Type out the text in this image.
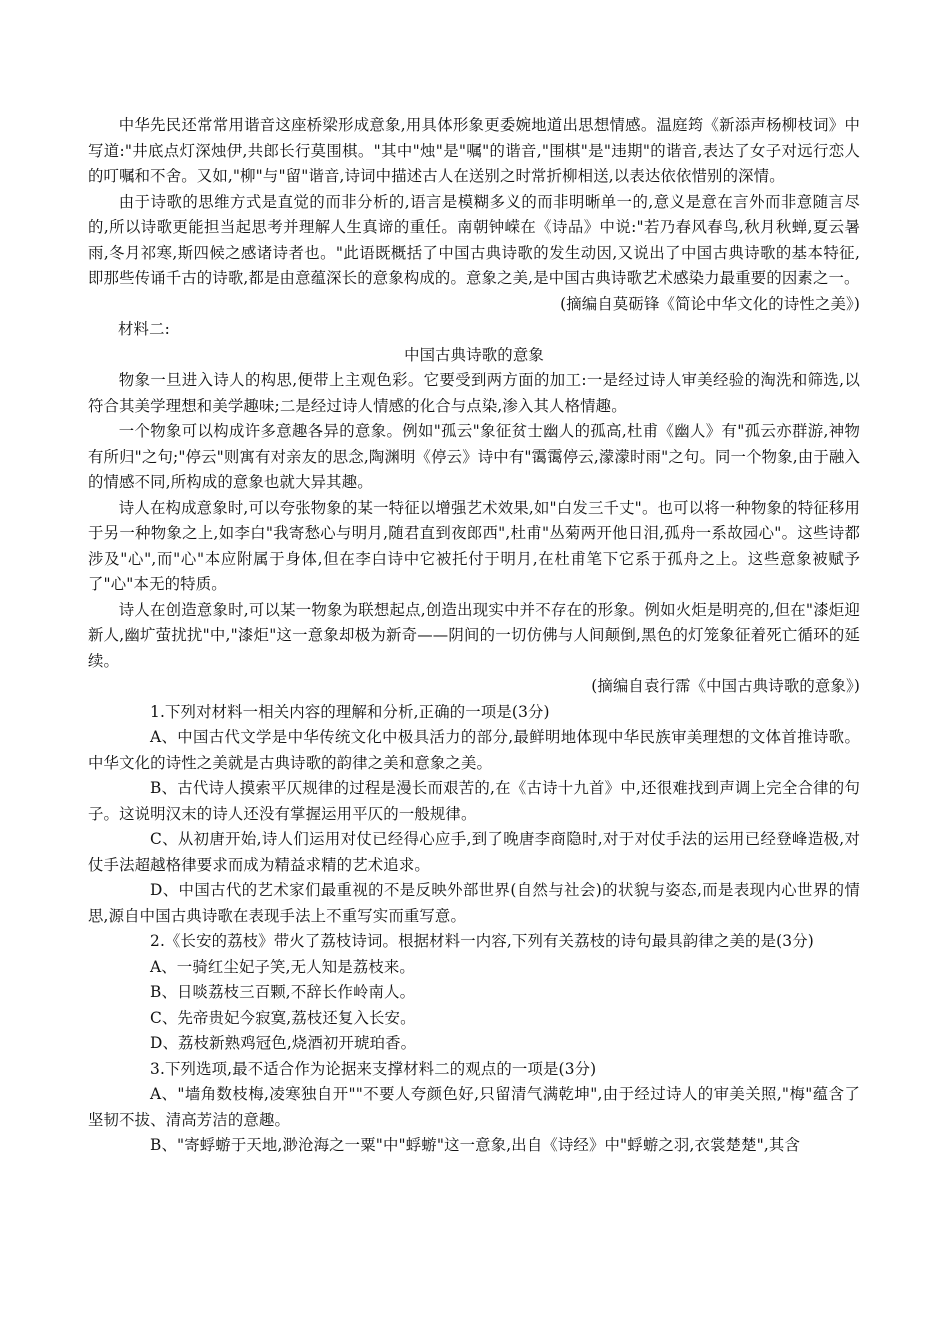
中华先民还常常用谐音这座桥梁形成意象,用具体形象更委婉地道出思想情感。温庭筠《新添声杨柳枝词》中写道:"井底点灯深烛伊,共郎长行莫围棋。"其中"烛"是"嘱"的谐音,"围棋"是"违期"的谐音,表达了女子对远行恋人的叮嘱和不舍。又如,"柳"与"留"谐音,诗词中描述古人在送别之时常折柳相送,以表达依依惜别的深情。

由于诗歌的思维方式是直觉的而非分析的,语言是模糊多义的而非明晰单一的,意义是意在言外而非意随言尽的,所以诗歌更能担当起思考并理解人生真谛的重任。南朝钟嵘在《诗品》中说:"若乃春风春鸟,秋月秋蝉,夏云暑雨,冬月祁寒,斯四候之感诸诗者也。"此语既概括了中国古典诗歌的发生动因,又说出了中国古典诗歌的基本特征,即那些传诵千古的诗歌,都是由意蕴深长的意象构成的。意象之美,是中国古典诗歌艺术感染力最重要的因素之一。

(摘编自莫砺锋《简论中华文化的诗性之美》)
材料二:
中国古典诗歌的意象

物象一旦进入诗人的构思,便带上主观色彩。它要受到两方面的加工:一是经过诗人审美经验的淘洗和筛选,以符合其美学理想和美学趣味;二是经过诗人情感的化合与点染,渗入其人格情趣。

一个物象可以构成许多意趣各异的意象。例如"孤云"象征贫士幽人的孤高,杜甫《幽人》有"孤云亦群游,神物有所归"之句;"停云"则寓有对亲友的思念,陶渊明《停云》诗中有"霭霭停云,濛濛时雨"之句。同一个物象,由于融入的情感不同,所构成的意象也就大异其趣。

诗人在构成意象时,可以夸张物象的某一特征以增强艺术效果,如"白发三千丈"。也可以将一种物象的特征移用于另一种物象之上,如李白"我寄愁心与明月,随君直到夜郎西",杜甫"丛菊两开他日泪,孤舟一系故园心"。这些诗都涉及"心",而"心"本应附属于身体,但在李白诗中它被托付于明月,在杜甫笔下它系于孤舟之上。这些意象被赋予了"心"本无的特质。

诗人在创造意象时,可以某一物象为联想起点,创造出现实中并不存在的形象。例如火炬是明亮的,但在"漆炬迎新人,幽圹萤扰扰"中,"漆炬"这一意象却极为新奇——阴间的一切仿佛与人间颠倒,黑色的灯笼象征着死亡循环的延续。

(摘编自袁行霈《中国古典诗歌的意象》)
1.下列对材料一相关内容的理解和分析,正确的一项是(3分)
A、中国古代文学是中华传统文化中极具活力的部分,最鲜明地体现中华民族审美理想的文体首推诗歌。中华文化的诗性之美就是古典诗歌的韵律之美和意象之美。
B、古代诗人摸索平仄规律的过程是漫长而艰苦的,在《古诗十九首》中,还很难找到声调上完全合律的句子。这说明汉末的诗人还没有掌握运用平仄的一般规律。
C、从初唐开始,诗人们运用对仗已经得心应手,到了晚唐李商隐时,对于对仗手法的运用已经登峰造极,对仗手法超越格律要求而成为精益求精的艺术追求。
D、中国古代的艺术家们最重视的不是反映外部世界(自然与社会)的状貌与姿态,而是表现内心世界的情思,源自中国古典诗歌在表现手法上不重写实而重写意。
2.《长安的荔枝》带火了荔枝诗词。根据材料一内容,下列有关荔枝的诗句最具韵律之美的是(3分)
A、一骑红尘妃子笑,无人知是荔枝来。
B、日啖荔枝三百颗,不辞长作岭南人。
C、先帝贵妃今寂寞,荔枝还复入长安。
D、荔枝新熟鸡冠色,烧酒初开琥珀香。
3.下列选项,最不适合作为论据来支撑材料二的观点的一项是(3分)
A、"墙角数枝梅,凌寒独自开""不要人夸颜色好,只留清气满乾坤",由于经过诗人的审美关照,"梅"蕴含了坚韧不拔、清高芳洁的意趣。
B、"寄蜉蝣于天地,渺沧海之一粟"中"蜉蝣"这一意象,出自《诗经》中"蜉蝣之羽,衣裳楚楚",其含
